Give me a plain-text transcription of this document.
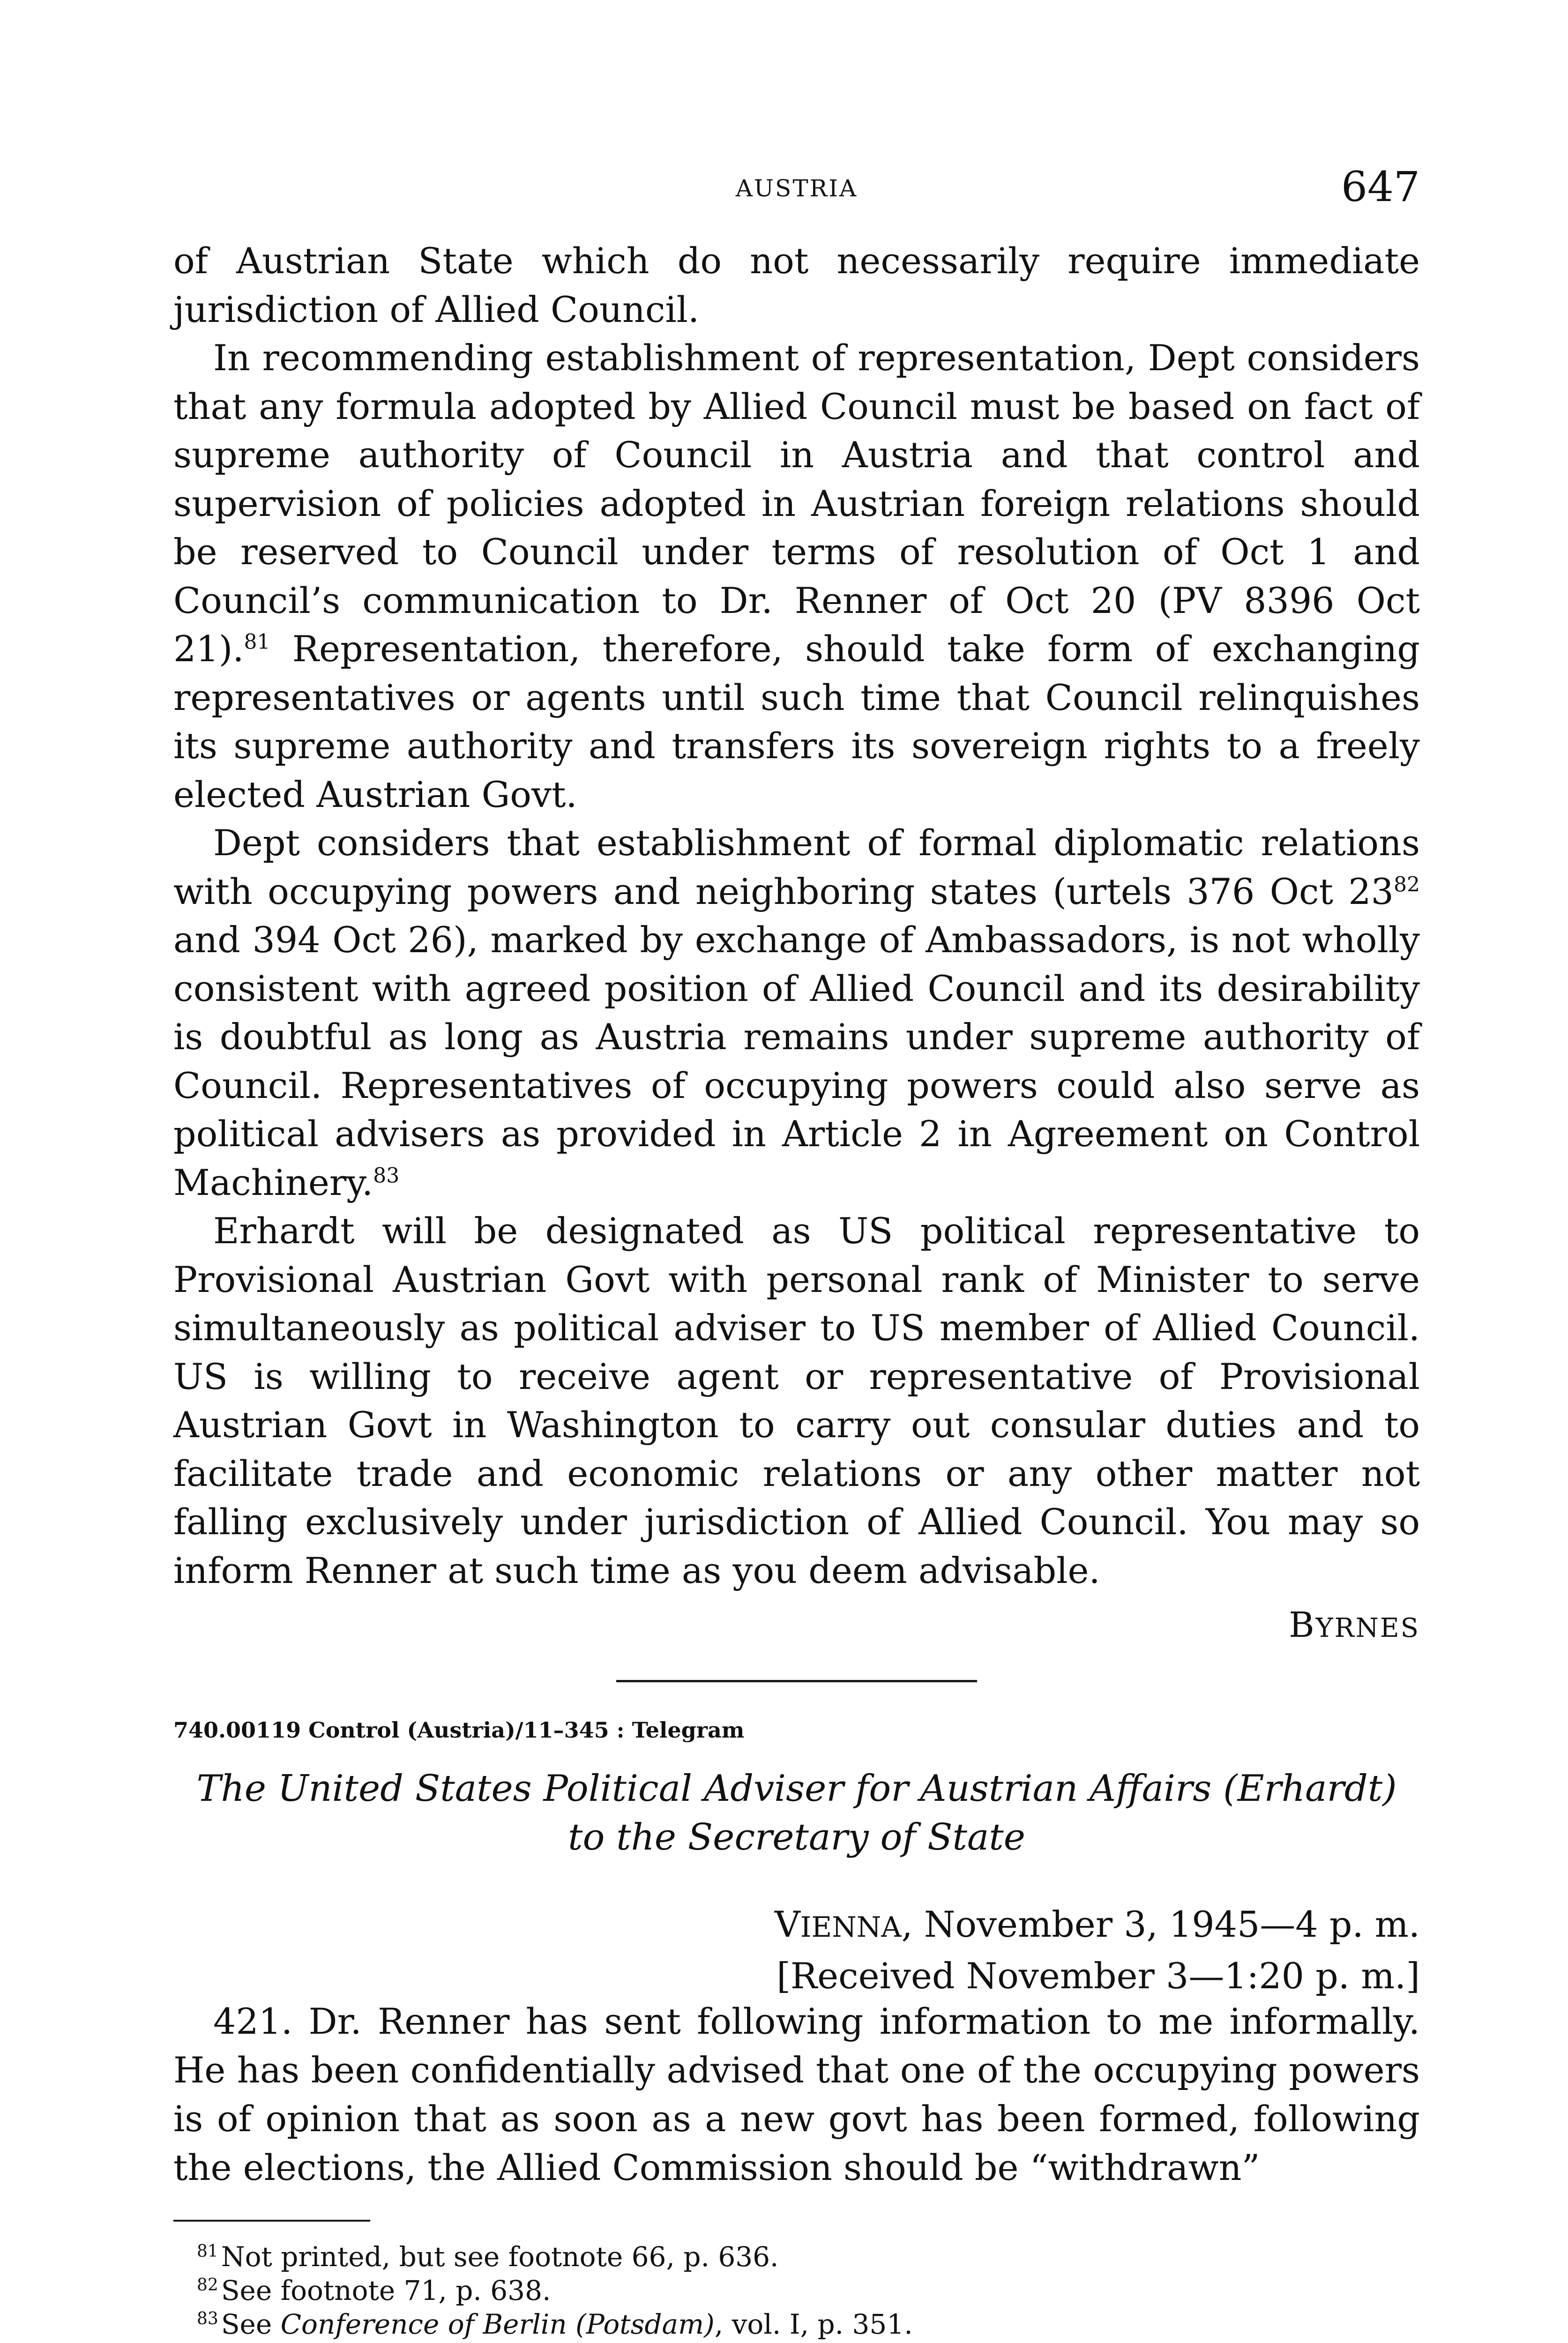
AUSTRIA	647

of Austrian State which do not necessarily require immediate jurisdiction of Allied Council.

In recommending establishment of representation, Dept considers that any formula adopted by Allied Council must be based on fact of supreme authority of Council in Austria and that control and supervision of policies adopted in Austrian foreign relations should be reserved to Council under terms of resolution of Oct 1 and Council’s communication to Dr. Renner of Oct 20 (PV 8396 Oct 21).$^{81}$ Representation, therefore, should take form of exchanging representatives or agents until such time that Council relinquishes its supreme authority and transfers its sovereign rights to a freely elected Austrian Govt.

Dept considers that establishment of formal diplomatic relations with occupying powers and neighboring states (urtels 376 Oct 23$^{82}$ and 394 Oct 26), marked by exchange of Ambassadors, is not wholly consistent with agreed position of Allied Council and its desirability is doubtful as long as Austria remains under supreme authority of Council. Representatives of occupying powers could also serve as political advisers as provided in Article 2 in Agreement on Control Machinery.$^{83}$

Erhardt will be designated as US political representative to Provisional Austrian Govt with personal rank of Minister to serve simultaneously as political adviser to US member of Allied Council. US is willing to receive agent or representative of Provisional Austrian Govt in Washington to carry out consular duties and to facilitate trade and economic relations or any other matter not falling exclusively under jurisdiction of Allied Council. You may so inform Renner at such time as you deem advisable.

BYRNES
740.00119 Control (Austria)/11–345 : Telegram
The United States Political Adviser for Austrian Affairs (Erhardt)
to the Secretary of State
VIENNA, November 3, 1945—4 p. m.
[Received November 3—1:20 p. m.]

421. Dr. Renner has sent following information to me informally. He has been confidentially advised that one of the occupying powers is of opinion that as soon as a new govt has been formed, following the elections, the Allied Commission should be “withdrawn”

$^{81}$ Not printed, but see footnote 66, p. 636.
$^{82}$ See footnote 71, p. 638.
$^{83}$ See Conference of Berlin (Potsdam), vol. I, p. 351.
